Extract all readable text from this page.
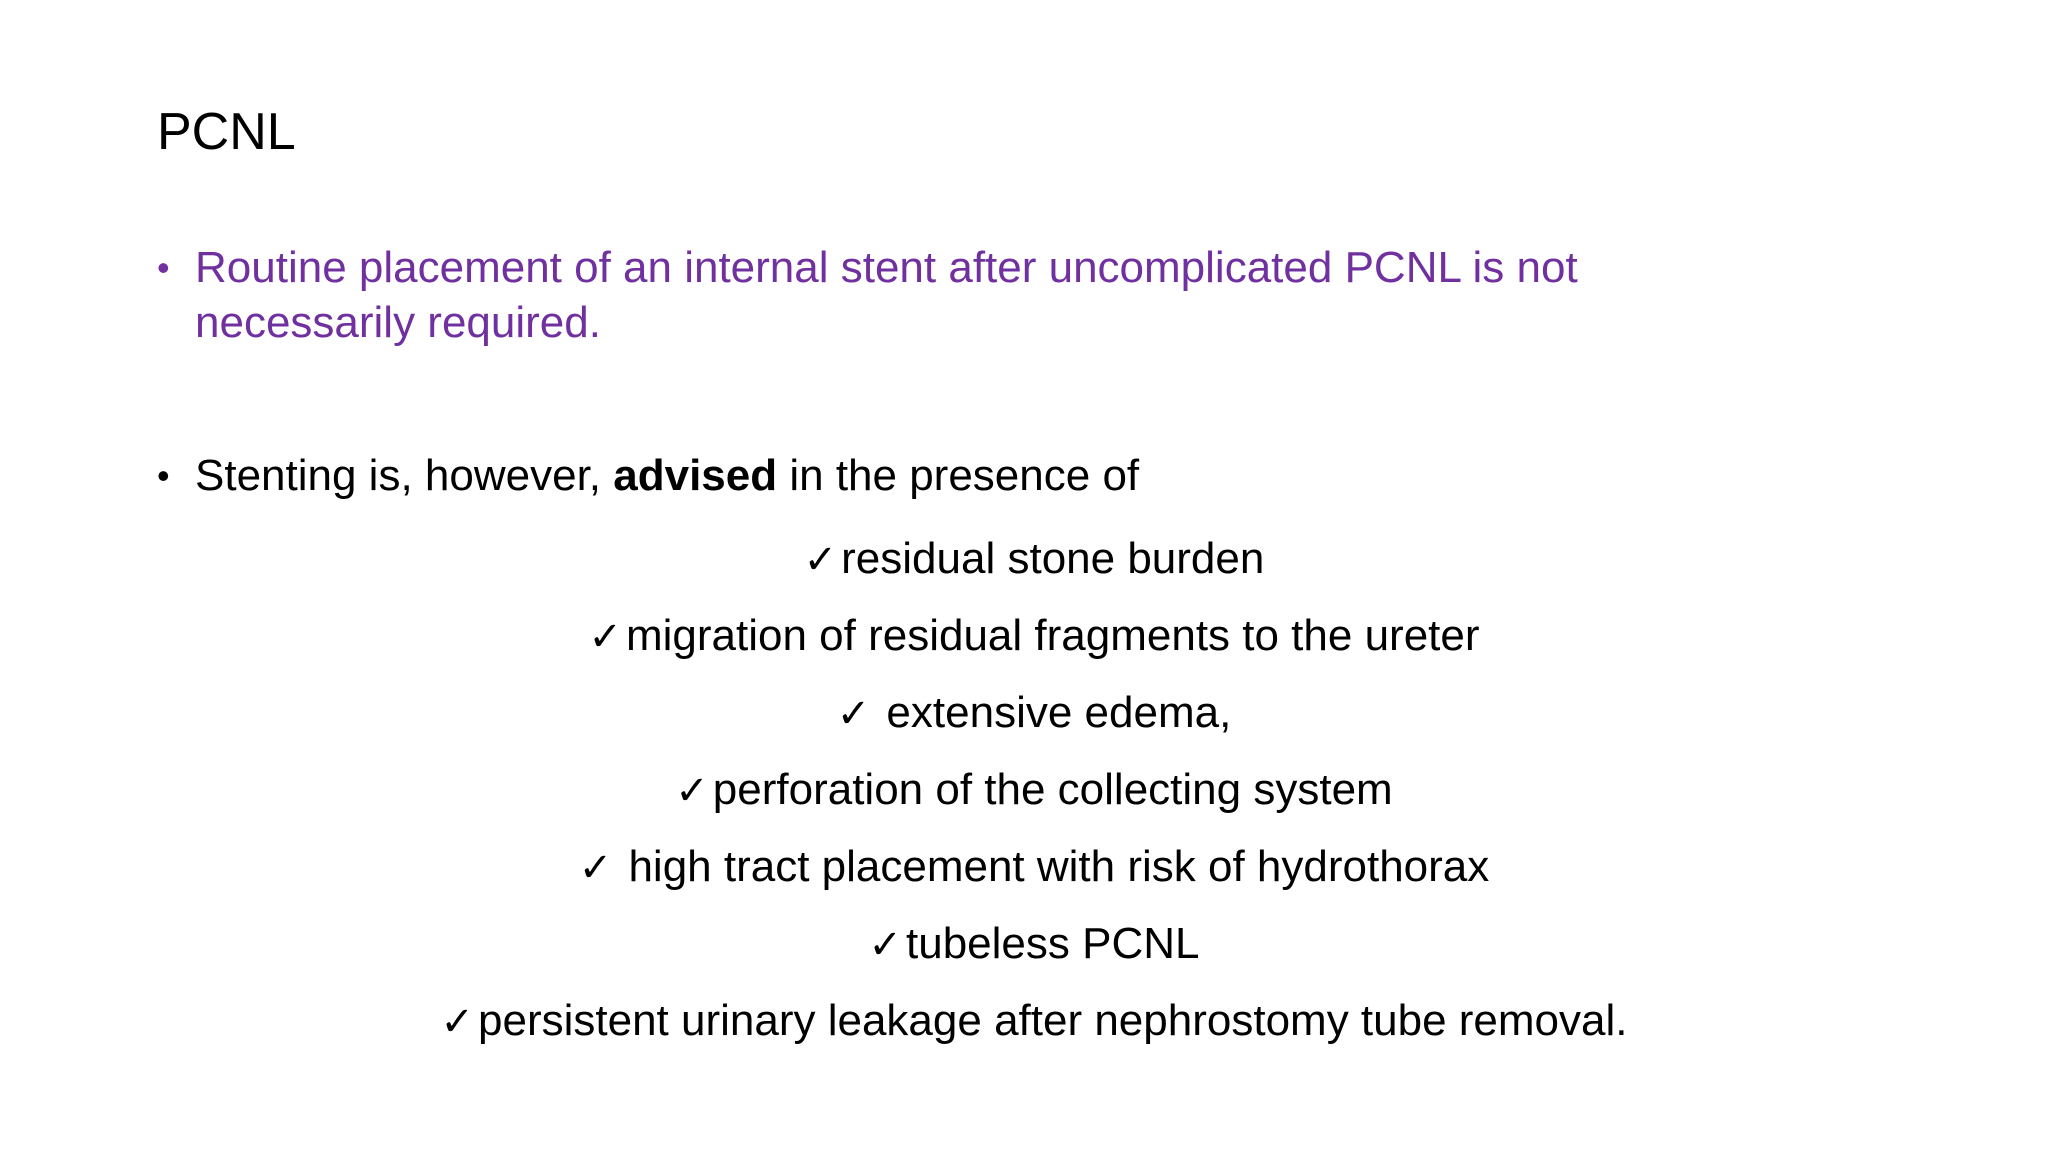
PCNL
• Routine placement of an internal stent after uncomplicated PCNL is not necessarily required.
• Stenting is, however, advised in the presence of
✓residual stone burden
✓migration of residual fragments to the ureter
✓ extensive edema,
✓perforation of the collecting system
✓ high tract placement with risk of hydrothorax
✓tubeless PCNL
✓persistent urinary leakage after nephrostomy tube removal.
